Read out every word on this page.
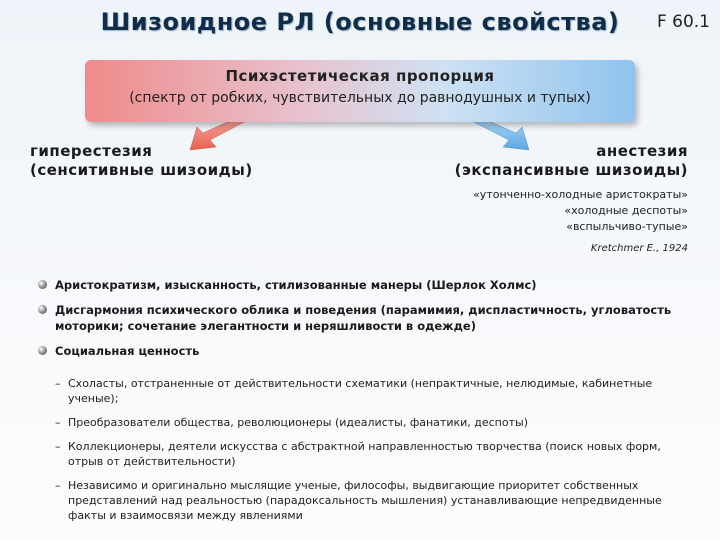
Шизоидное РЛ (основные свойства)	F 60.1
Психэстетическая пропорция
(спектр от робких, чувствительных до равнодушных и тупых)
гиперестезия
(сенситивные шизоиды)
анестезия
(экспансивные шизоиды)
«утонченно-холодные аристократы»
«холодные деспоты»
«вспыльчиво-тупые»
Kretchmer E., 1924
Аристократизм, изысканность, стилизованные манеры (Шерлок Холмс)
Дисгармония психического облика и поведения (парамимия, диспластичность, угловатость моторики; сочетание элегантности и неряшливости в одежде)
Социальная ценность
– Схоласты, отстраненные от действительности схематики (непрактичные, нелюдимые, кабинетные ученые);
– Преобразователи общества, революционеры (идеалисты, фанатики, деспоты)
– Коллекционеры, деятели искусства с абстрактной направленностью творчества (поиск новых форм, отрыв от действительности)
– Независимо и оригинально мыслящие ученые, философы, выдвигающие приоритет собственных представлений над реальностью (парадоксальность мышления) устанавливающие непредвиденные факты и взаимосвязи между явлениями
